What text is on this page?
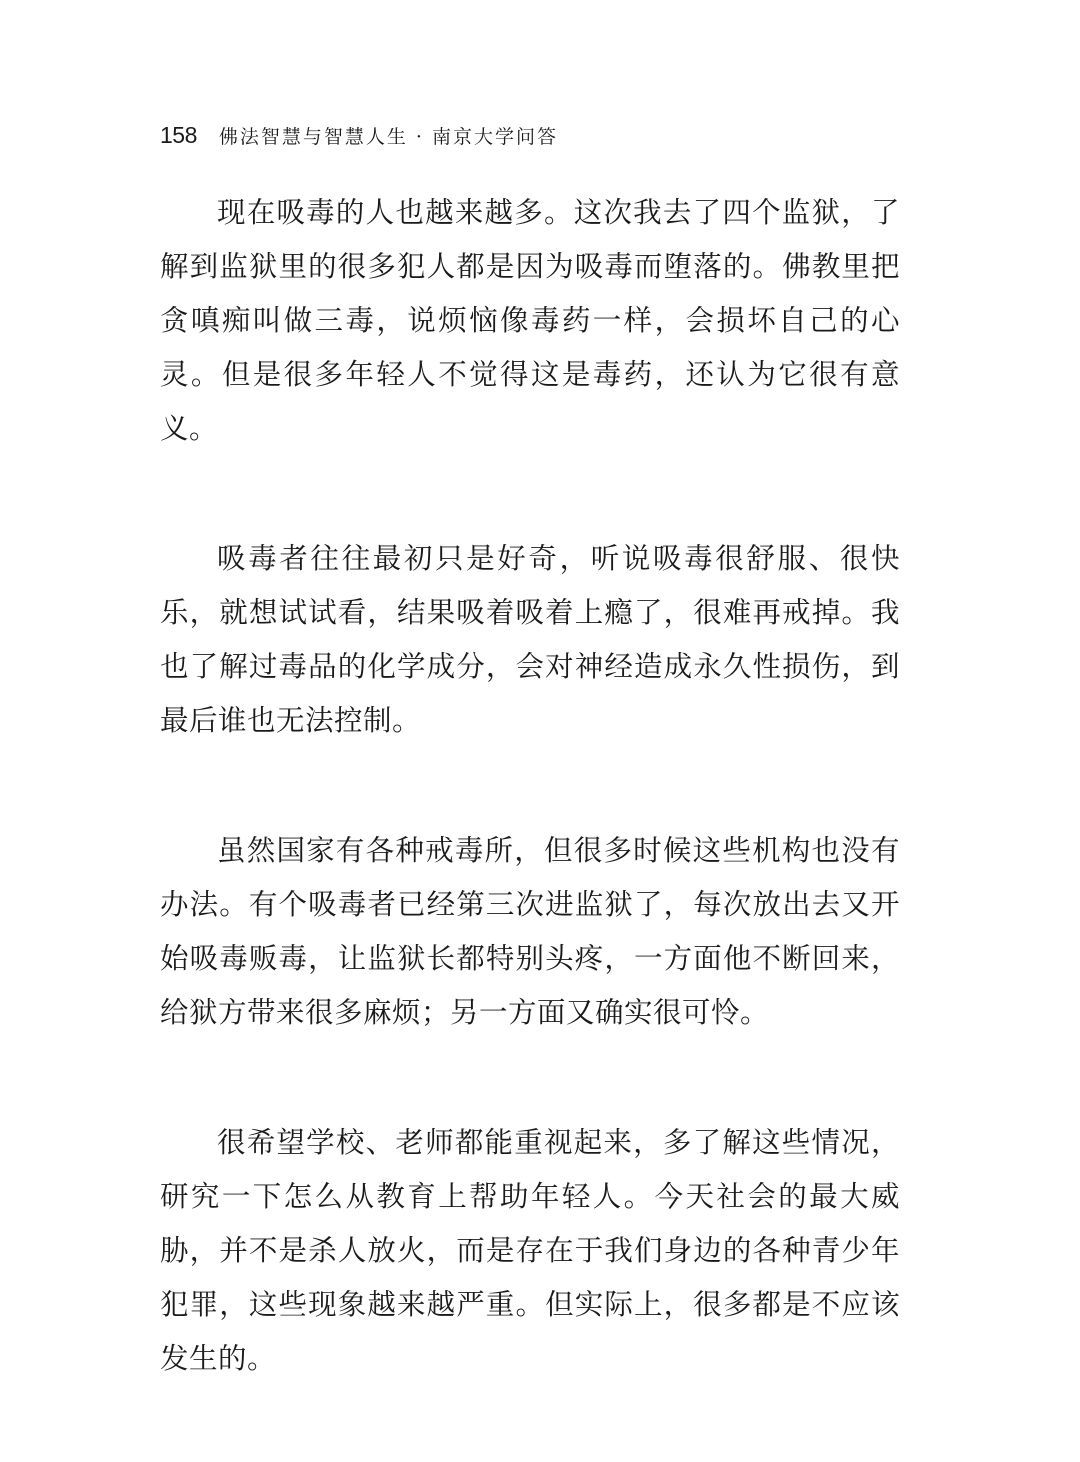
158 佛法智慧与智慧人生 · 南京大学问答

现在吸毒的人也越来越多。这次我去了四个监狱，了解到监狱里的很多犯人都是因为吸毒而堕落的。佛教里把贪嗔痴叫做三毒，说烦恼像毒药一样，会损坏自己的心灵。但是很多年轻人不觉得这是毒药，还认为它很有意义。

吸毒者往往最初只是好奇，听说吸毒很舒服、很快乐，就想试试看，结果吸着吸着上瘾了，很难再戒掉。我也了解过毒品的化学成分，会对神经造成永久性损伤，到最后谁也无法控制。

虽然国家有各种戒毒所，但很多时候这些机构也没有办法。有个吸毒者已经第三次进监狱了，每次放出去又开始吸毒贩毒，让监狱长都特别头疼，一方面他不断回来，给狱方带来很多麻烦；另一方面又确实很可怜。

很希望学校、老师都能重视起来，多了解这些情况，研究一下怎么从教育上帮助年轻人。今天社会的最大威胁，并不是杀人放火，而是存在于我们身边的各种青少年犯罪，这些现象越来越严重。但实际上，很多都是不应该发生的。
